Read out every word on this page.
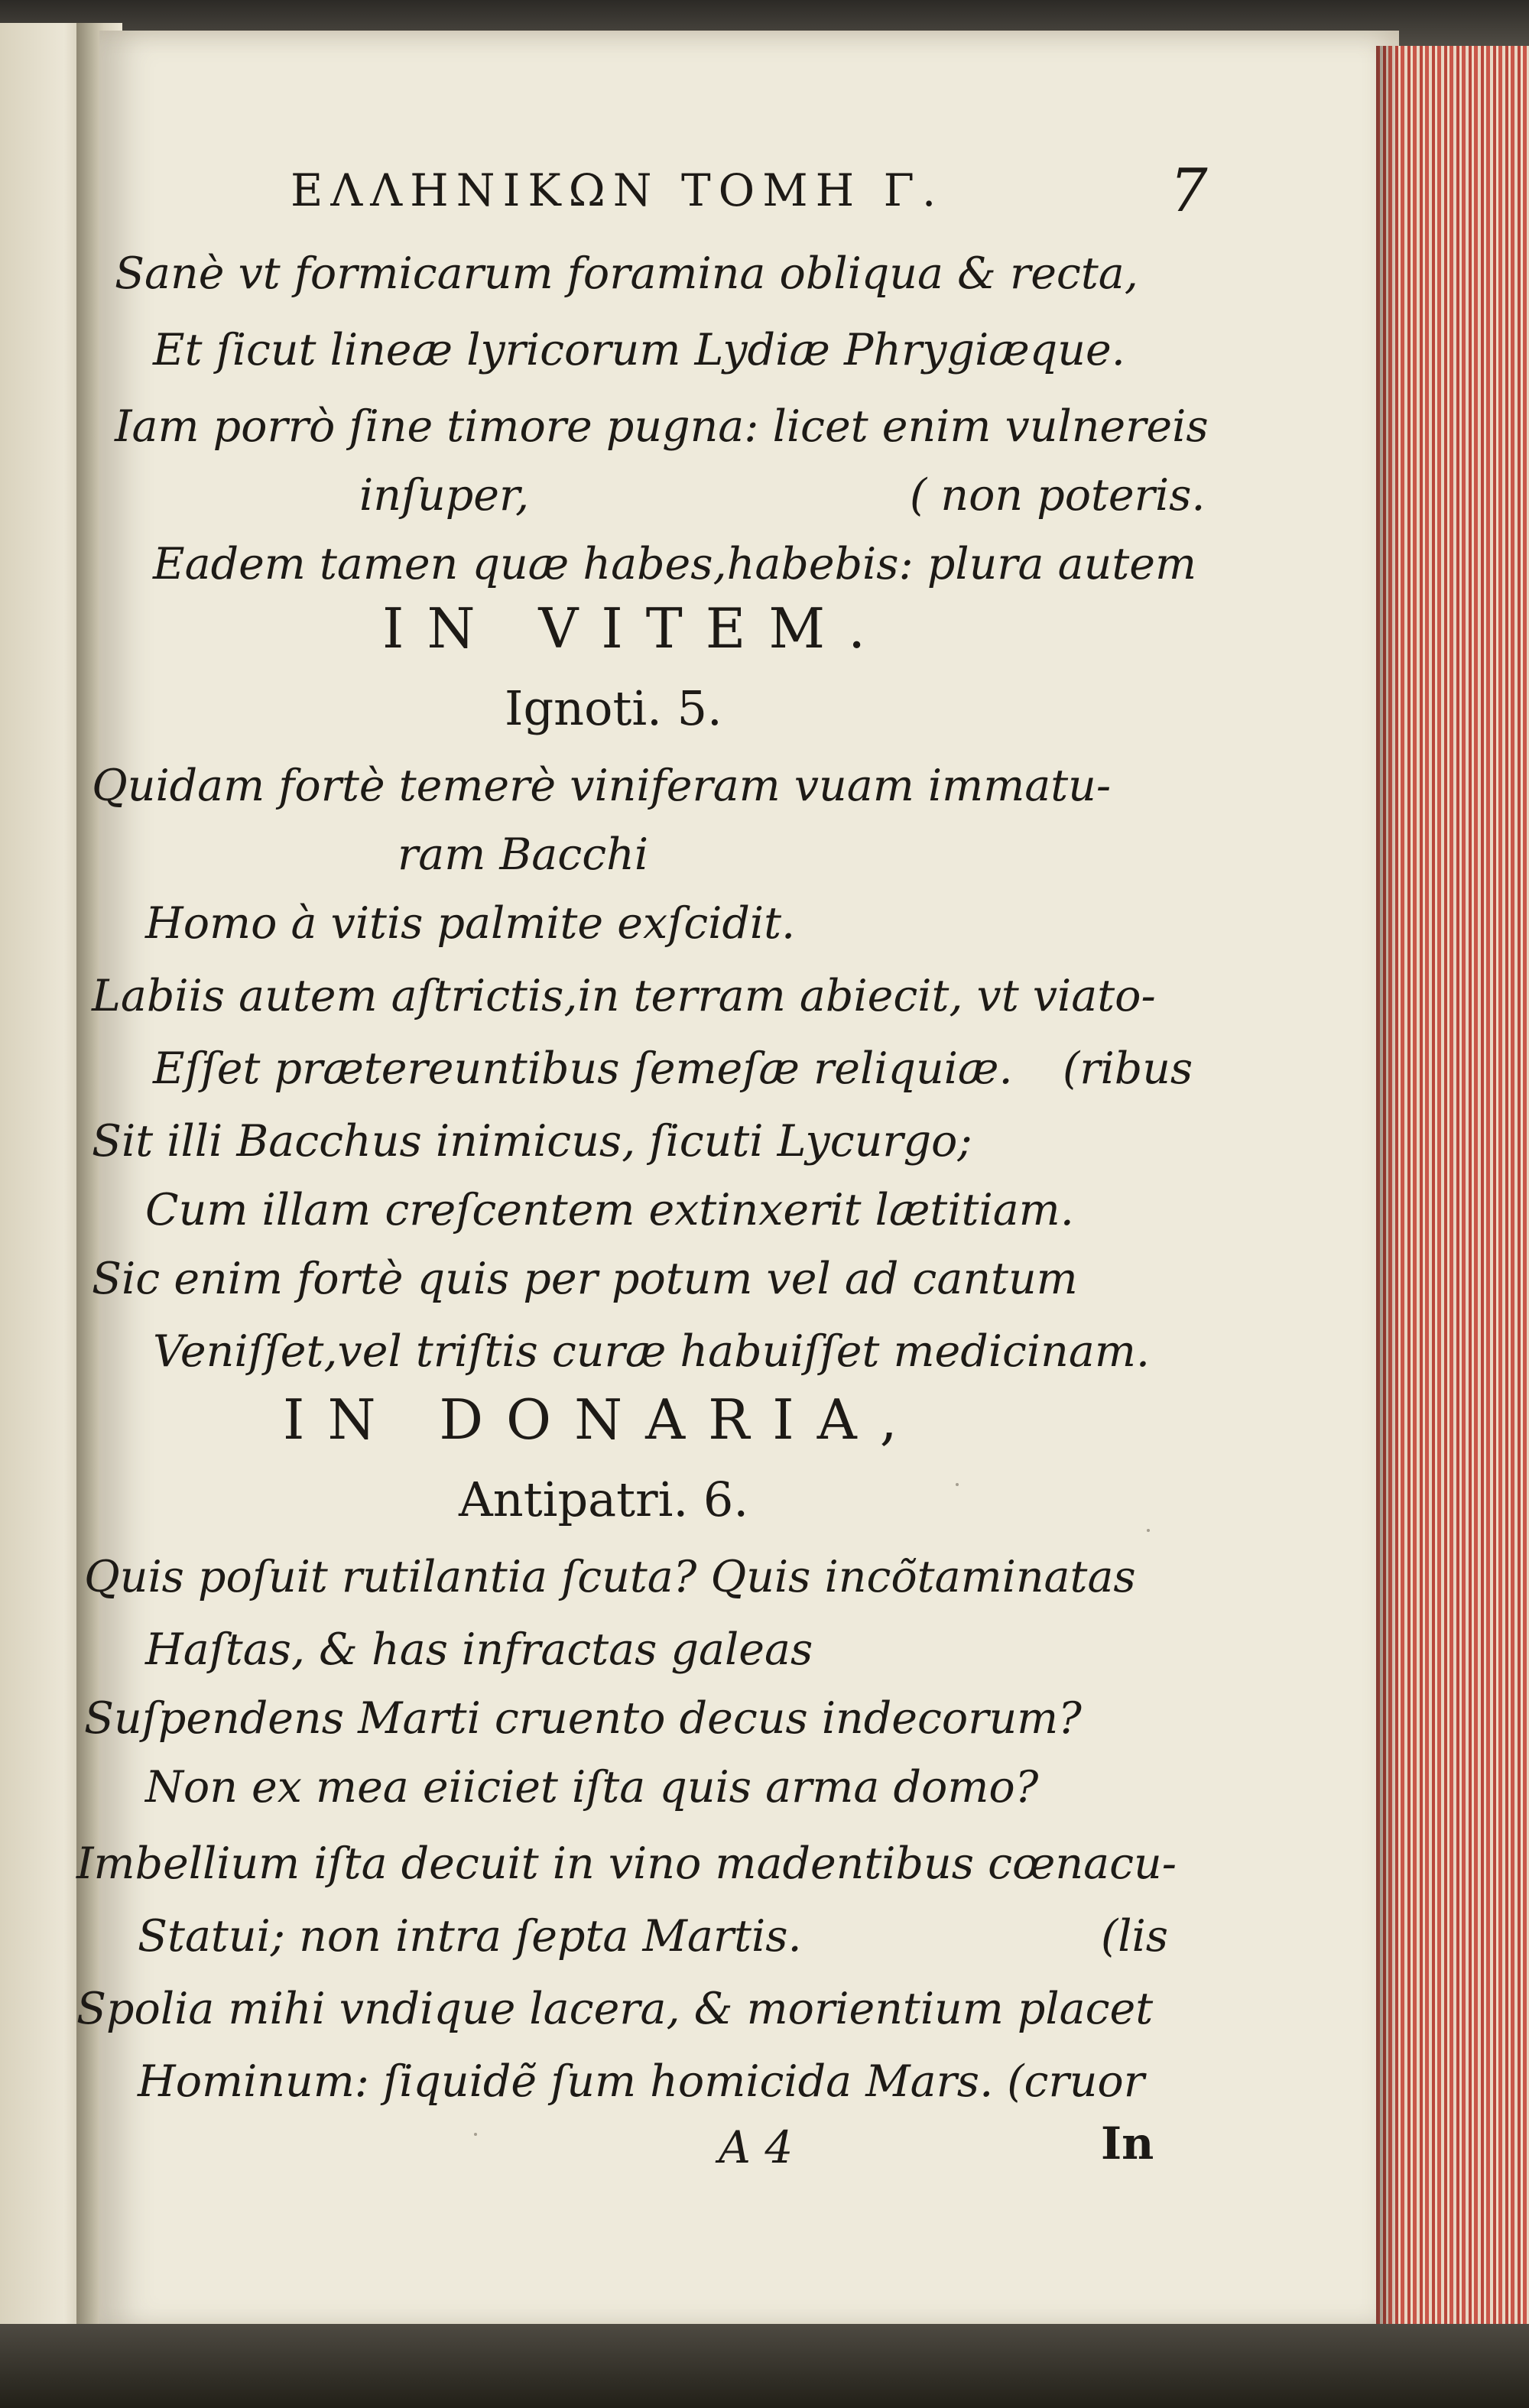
ΕΛΛΗΝΙΚΩΝ ΤΟΜΗ Γ.	7
Sanè vt formicarum foramina obliqua & recta,
Et ſicut lineæ lyricorum Lydiæ Phrygiæque.
Iam porrò ſine timore pugna: licet enim vulnereis
inſuper,	( non poteris.
Eadem tamen quæ habes,habebis: plura autem
IN VITEM.
Ignoti. 5.
Quidam fortè temerè viniferam vuam immatu-
ram Bacchi
Homo à vitis palmite exſcidit.
Labiis autem aſtrictis,in terram abiecit, vt viato-
Eſſet prætereuntibus ſemeſæ reliquiæ. (ribus
Sit illi Bacchus inimicus, ſicuti Lycurgo;
Cum illam creſcentem extinxerit lætitiam.
Sic enim fortè quis per potum vel ad cantum
Veniſſet,vel triſtis curæ habuiſſet medicinam.
IN DONARIA,
Antipatri. 6.
Quis poſuit rutilantia ſcuta? Quis incõtaminatas
Haſtas, & has infractas galeas
Suſpendens Marti cruento decus indecorum?
Non ex mea eiiciet iſta quis arma domo?
Imbellium iſta decuit in vino madentibus cœnacu-
Statui; non intra ſepta Martis.	(lis
Spolia mihi vndique lacera, & morientium placet
Hominum: ſiquidẽ ſum homicida Mars. (cruor
A 4	In
